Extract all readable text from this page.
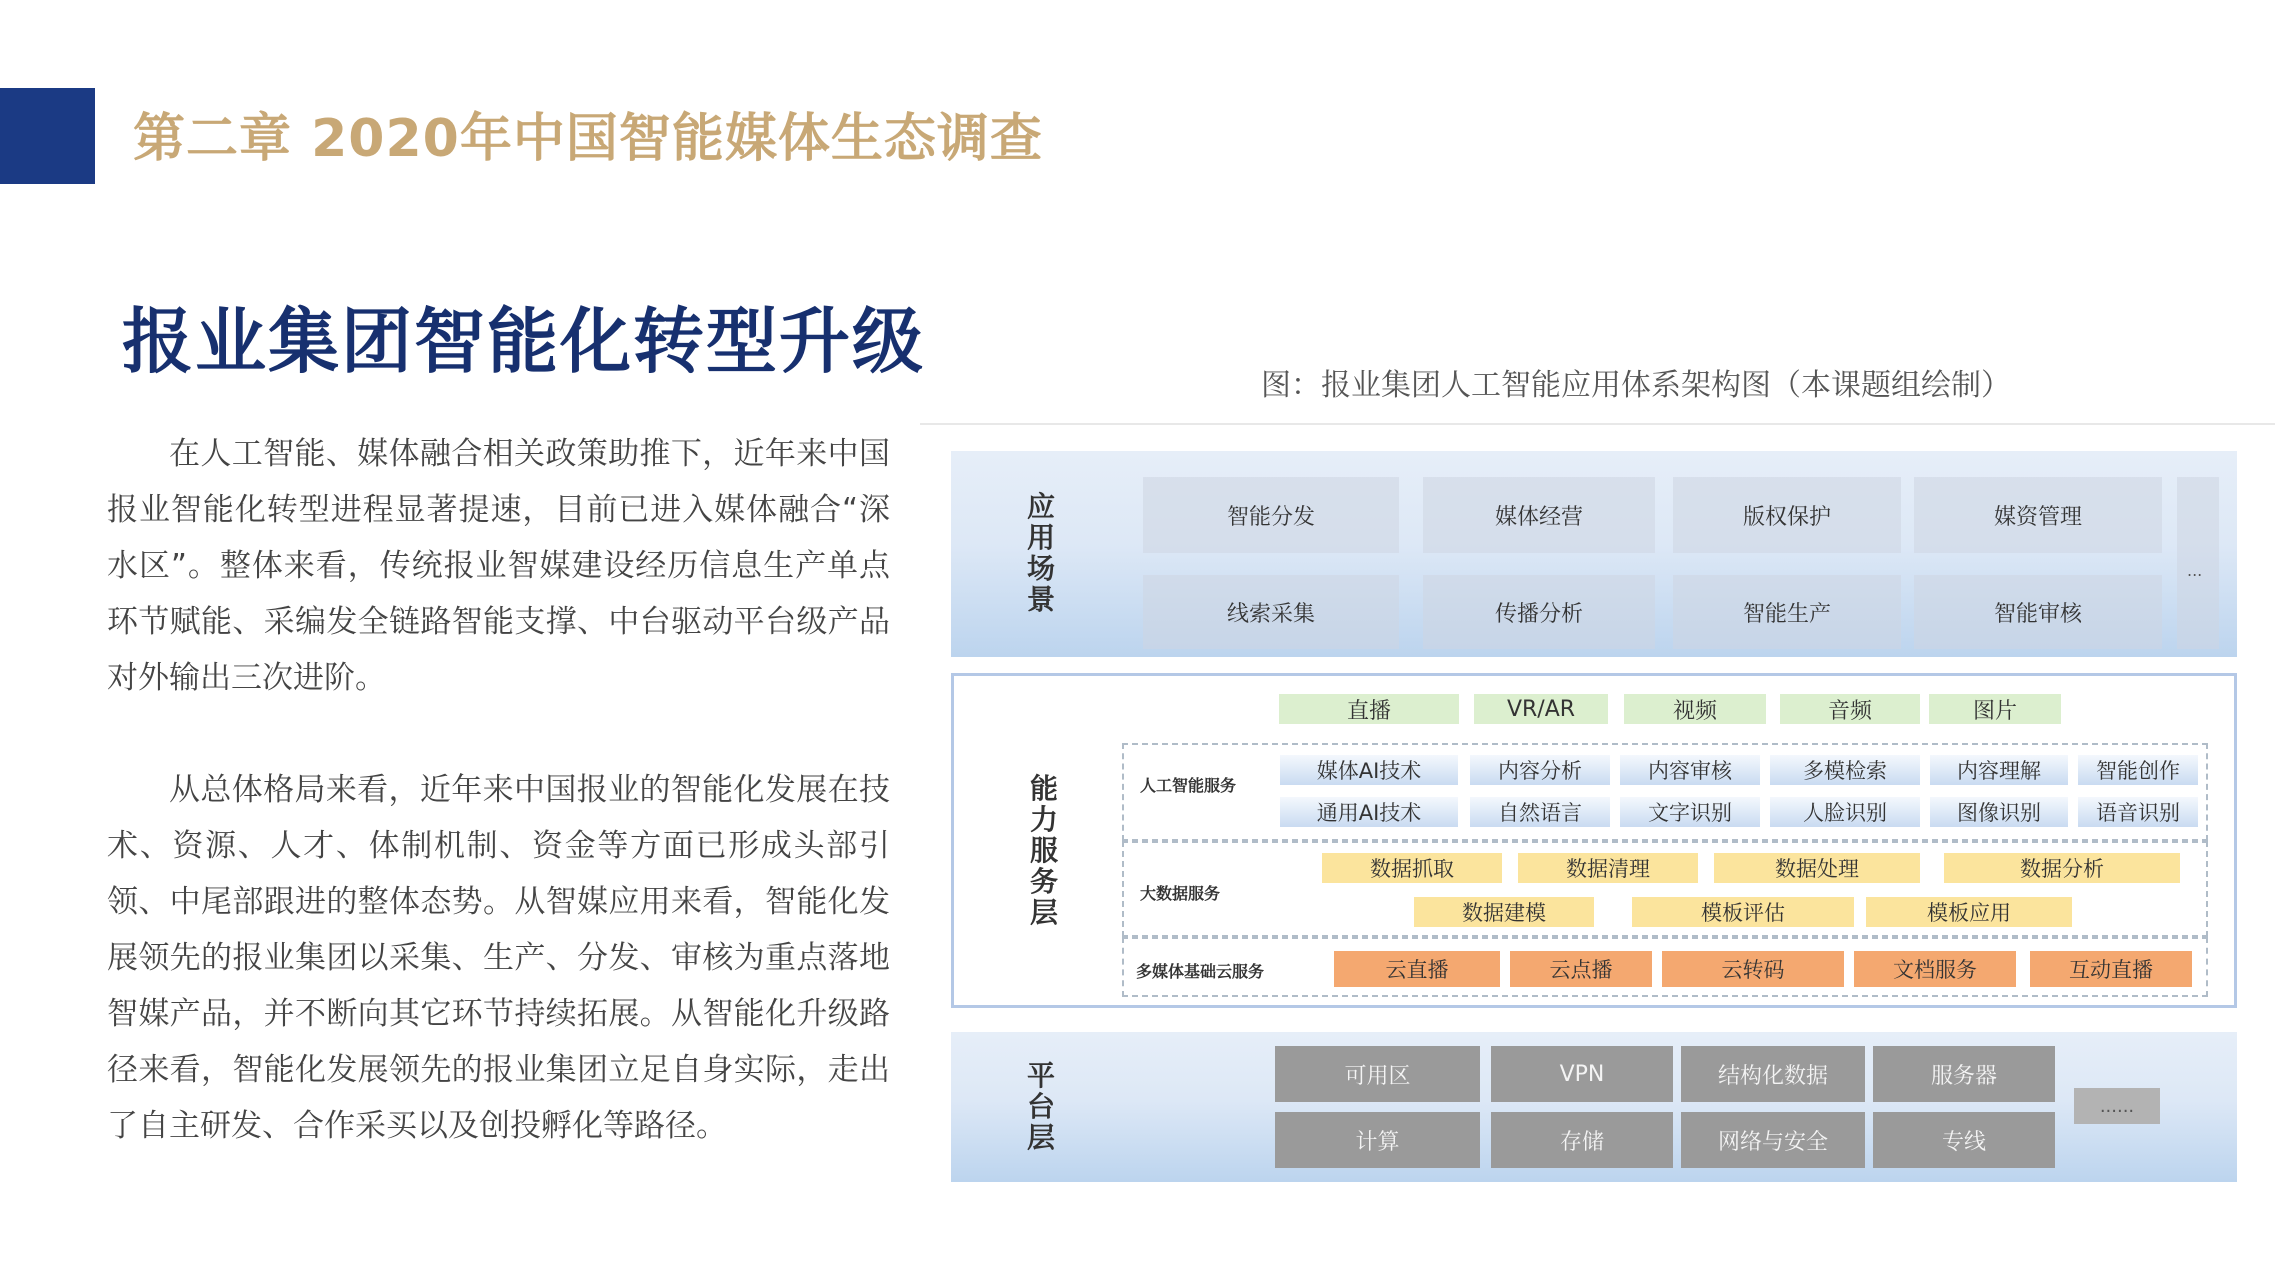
第二章 2020年中国智能媒体生态调查
报业集团智能化转型升级

在人工智能、媒体融合相关政策助推下，近年来中国报业智能化转型进程显著提速，目前已进入媒体融合“深水区”。整体来看，传统报业智媒建设经历信息生产单点环节赋能、采编发全链路智能支撑、中台驱动平台级产品对外输出三次进阶。

从总体格局来看，近年来中国报业的智能化发展在技术、资源、人才、体制机制、资金等方面已形成头部引领、中尾部跟进的整体态势。从智媒应用来看，智能化发展领先的报业集团以采集、生产、分发、审核为重点落地智媒产品，并不断向其它环节持续拓展。从智能化升级路径来看，智能化发展领先的报业集团立足自身实际，走出了自主研发、合作采买以及创投孵化等路径。

图：报业集团人工智能应用体系架构图（本课题组绘制）
应用场景
智能分发	媒体经营	版权保护	媒资管理
线索采集	传播分析	智能生产	智能审核
...
能力服务层
直播	VR/AR	视频	音频	图片
人工智能服务
媒体AI技术	内容分析	内容审核	多模检索	内容理解	智能创作
通用AI技术	自然语言	文字识别	人脸识别	图像识别	语音识别
大数据服务
数据抓取	数据清理	数据处理	数据分析
数据建模	模板评估	模板应用
多媒体基础云服务	云直播	云点播	云转码	文档服务	互动直播
平台层
可用区	VPN	结构化数据	服务器
计算	存储	网络与安全	专线
......
